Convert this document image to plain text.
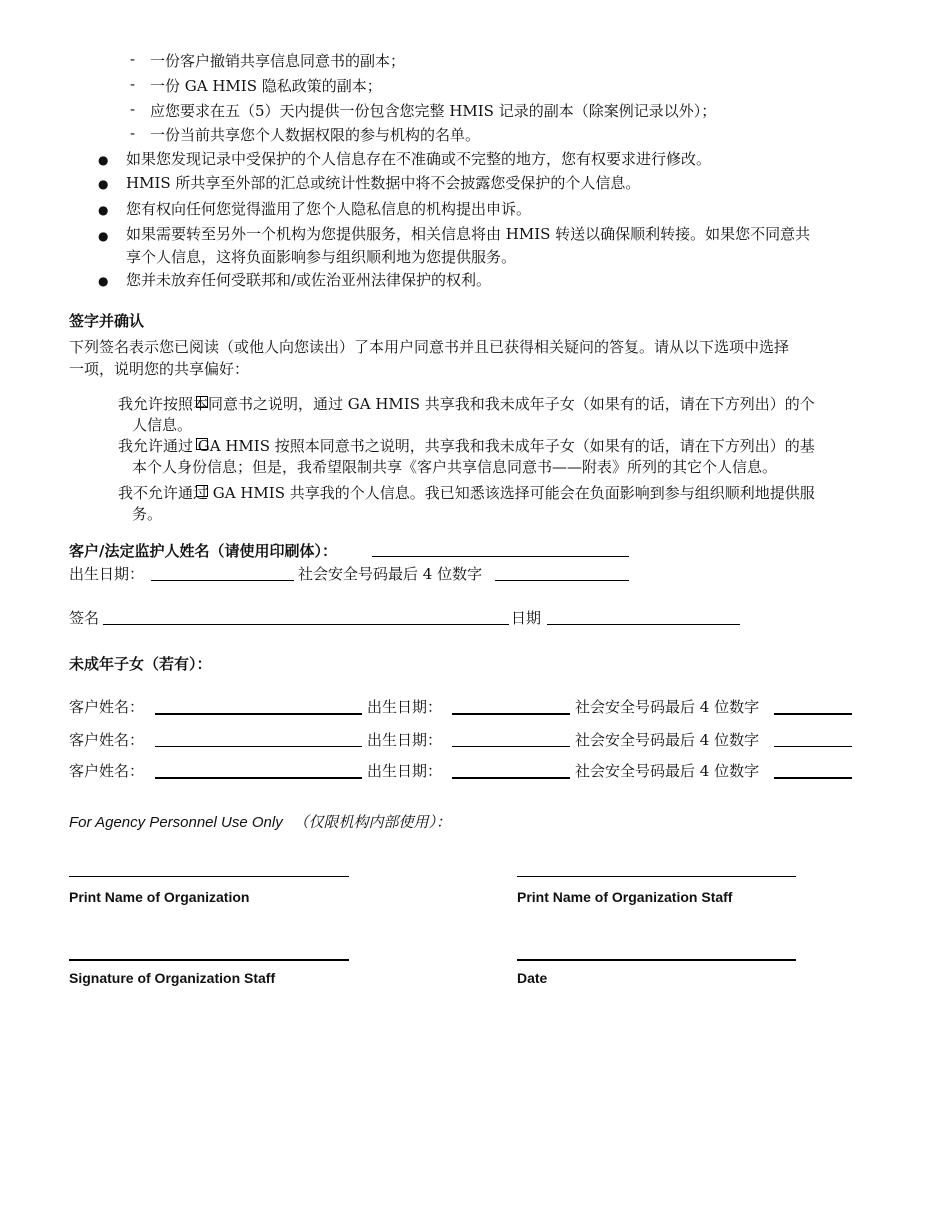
- 一份客户撤销共享信息同意书的副本；
- 一份 GA HMIS 隐私政策的副本；
- 应您要求在五（5）天内提供一份包含您完整 HMIS 记录的副本（除案例记录以外）；
- 一份当前共享您个人数据权限的参与机构的名单。
● 如果您发现记录中受保护的个人信息存在不准确或不完整的地方，您有权要求进行修改。
● HMIS 所共享至外部的汇总或统计性数据中将不会披露您受保护的个人信息。
● 您有权向任何您觉得滥用了您个人隐私信息的机构提出申诉。
● 如果需要转至另外一个机构为您提供服务，相关信息将由 HMIS 转送以确保顺利转接。如果您不同意共
享个人信息，这将负面影响参与组织顺利地为您提供服务。
● 您并未放弃任何受联邦和/或佐治亚州法律保护的权利。
签字并确认
下列签名表示您已阅读（或他人向您读出）了本用户同意书并且已获得相关疑问的答复。请从以下选项中选择
一项，说明您的共享偏好：
我允许按照本同意书之说明，通过 GA HMIS 共享我和我未成年子女（如果有的话，请在下方列出）的个
人信息。
我允许通过 GA HMIS 按照本同意书之说明，共享我和我未成年子女（如果有的话，请在下方列出）的基
本个人身份信息；但是，我希望限制共享《客户共享信息同意书——附表》所列的其它个人信息。
我不允许通过 GA HMIS 共享我的个人信息。我已知悉该选择可能会在负面影响到参与组织顺利地提供服
务。
客户/法定监护人姓名（请使用印刷体）：
出生日期：	社会安全号码最后 4 位数字
签名	日期
未成年子女（若有）：
客户姓名：	出生日期：	社会安全号码最后 4 位数字
客户姓名：	出生日期：	社会安全号码最后 4 位数字
客户姓名：	出生日期：	社会安全号码最后 4 位数字
For Agency Personnel Use Only （仅限机构内部使用）：
Print Name of Organization	Print Name of Organization Staff
Signature of Organization Staff	Date
